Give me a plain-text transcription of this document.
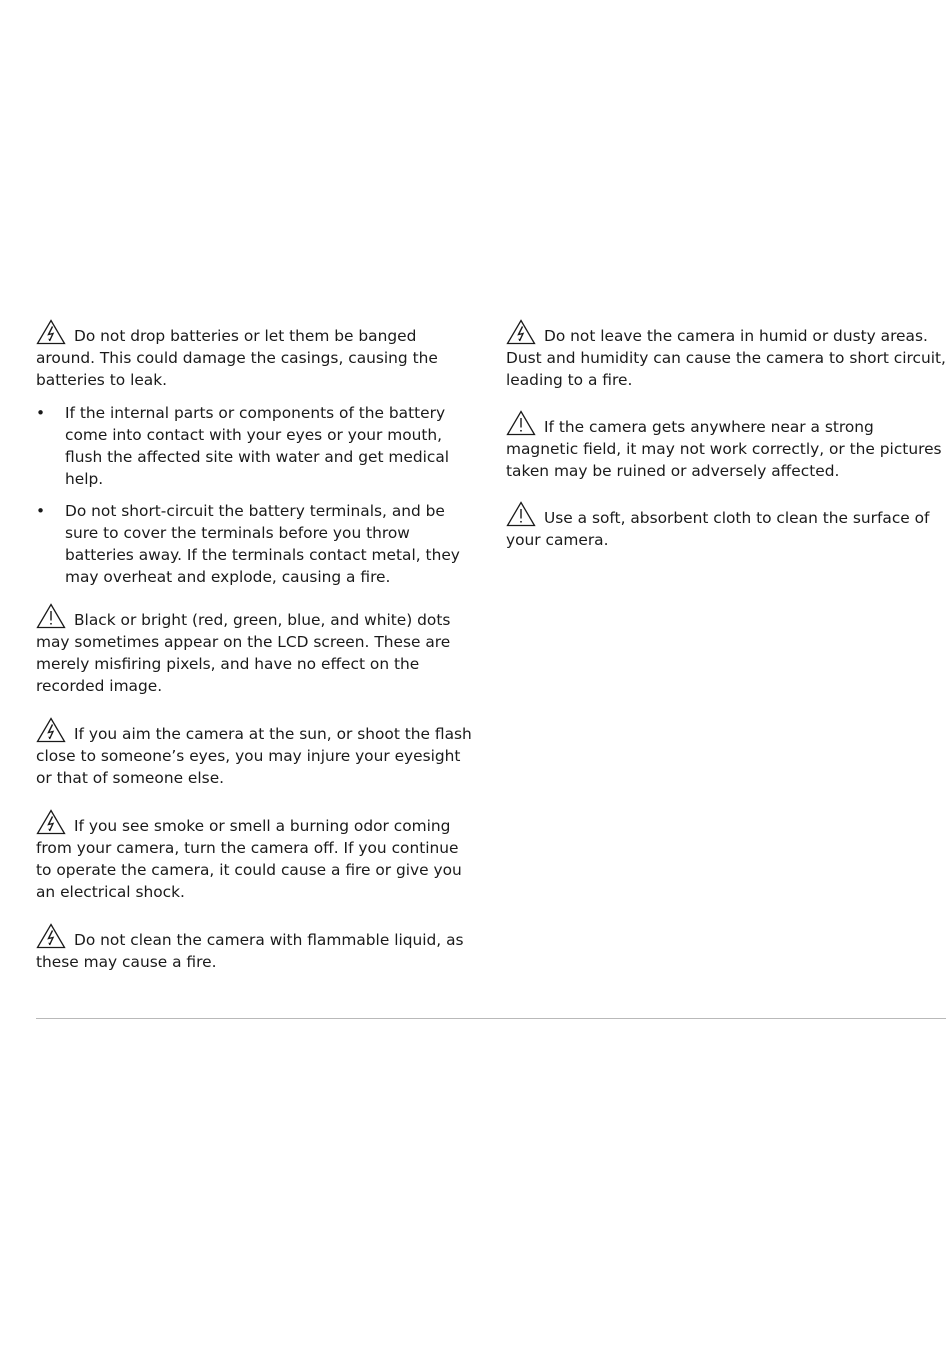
Do not drop batteries or let them be banged around. This could damage the casings, causing the batteries to leak.

• If the internal parts or components of the battery come into contact with your eyes or your mouth, flush the affected site with water and get medical help.
• Do not short-circuit the battery terminals, and be sure to cover the terminals before you throw batteries away. If the terminals contact metal, they may overheat and explode, causing a fire.

Black or bright (red, green, blue, and white) dots may sometimes appear on the LCD screen. These are merely misfiring pixels, and have no effect on the recorded image.

If you aim the camera at the sun, or shoot the flash close to someone’s eyes, you may injure your eyesight or that of someone else.

If you see smoke or smell a burning odor coming from your camera, turn the camera off. If you continue to operate the camera, it could cause a fire or give you an electrical shock.

Do not clean the camera with flammable liquid, as these may cause a fire.

Do not leave the camera in humid or dusty areas. Dust and humidity can cause the camera to short circuit, leading to a fire.

If the camera gets anywhere near a strong magnetic field, it may not work correctly, or the pictures taken may be ruined or adversely affected.

Use a soft, absorbent cloth to clean the surface of your camera.
